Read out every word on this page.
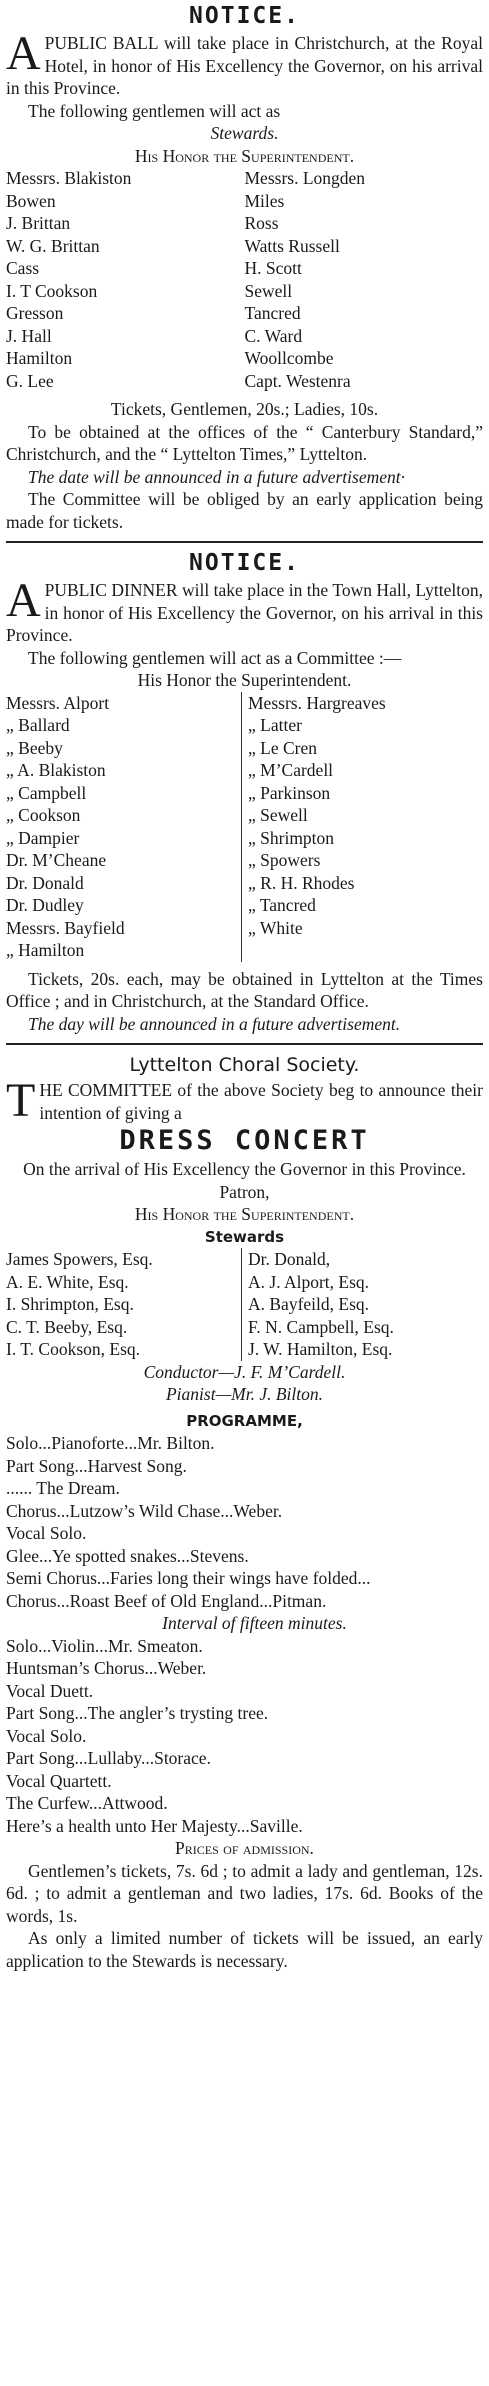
NOTICE.
A PUBLIC BALL will take place in Christchurch, at the Royal Hotel, in honor of His Excellency the Governor, on his arrival in this Province.
The following gentlemen will act as
Stewards.
His Honor the Superintendent.
Messrs. Blakiston
Bowen
J. Brittan
W. G. Brittan
Cass
I. T Cookson
Gresson
J. Hall
Hamilton
G. Lee
Messrs. Longden
Miles
Ross
Watts Russell
H. Scott
Sewell
Tancred
C. Ward
Woollcombe
Capt. Westenra
Tickets, Gentlemen, 20s.; Ladies, 10s.
To be obtained at the offices of the “ Canterbury Standard,” Christchurch, and the “ Lyttelton Times,” Lyttelton.
The date will be announced in a future advertisement·
The Committee will be obliged by an early application being made for tickets.
NOTICE.
A PUBLIC DINNER will take place in the Town Hall, Lyttelton, in honor of His Excellency the Governor, on his arrival in this Province.
The following gentlemen will act as a Committee :—
His Honor the Superintendent.
Messrs. Alport
„ Ballard
„ Beeby
„ A. Blakiston
„ Campbell
„ Cookson
„ Dampier
Dr. M’Cheane
Dr. Donald
Dr. Dudley
Messrs. Bayfield
„ Hamilton
Messrs. Hargreaves
„ Latter
„ Le Cren
„ M’Cardell
„ Parkinson
„ Sewell
„ Shrimpton
„ Spowers
„ R. H. Rhodes
„ Tancred
„ White

Tickets, 20s. each, may be obtained in Lyttelton at the Times Office ; and in Christchurch, at the Standard Office.
The day will be announced in a future advertisement.
Lyttelton Choral Society.
T HE COMMITTEE of the above Society beg to announce their intention of giving a
DRESS CONCERT
On the arrival of His Excellency the Governor in this Province.
Patron,
His Honor the Superintendent.
Stewards
James Spowers, Esq.
A. E. White, Esq.
I. Shrimpton, Esq.
C. T. Beeby, Esq.
I. T. Cookson, Esq.
Dr. Donald,
A. J. Alport, Esq.
A. Bayfeild, Esq.
F. N. Campbell, Esq.
J. W. Hamilton, Esq.
Conductor—J. F. M’Cardell.
Pianist—Mr. J. Bilton.
PROGRAMME,
Solo...Pianoforte...Mr. Bilton.
Part Song...Harvest Song.
...... The Dream.
Chorus...Lutzow’s Wild Chase...Weber.
Vocal Solo.
Glee...Ye spotted snakes...Stevens.
Semi Chorus...Faries long their wings have folded...
Chorus...Roast Beef of Old England...Pitman.
Interval of fifteen minutes.
Solo...Violin...Mr. Smeaton.
Huntsman’s Chorus...Weber.
Vocal Duett.
Part Song...The angler’s trysting tree.
Vocal Solo.
Part Song...Lullaby...Storace.
Vocal Quartett.
The Curfew...Attwood.
Here’s a health unto Her Majesty...Saville.
Prices of admission.
Gentlemen’s tickets, 7s. 6d ; to admit a lady and gentleman, 12s. 6d. ; to admit a gentleman and two ladies, 17s. 6d. Books of the words, 1s.
As only a limited number of tickets will be issued, an early application to the Stewards is necessary.
